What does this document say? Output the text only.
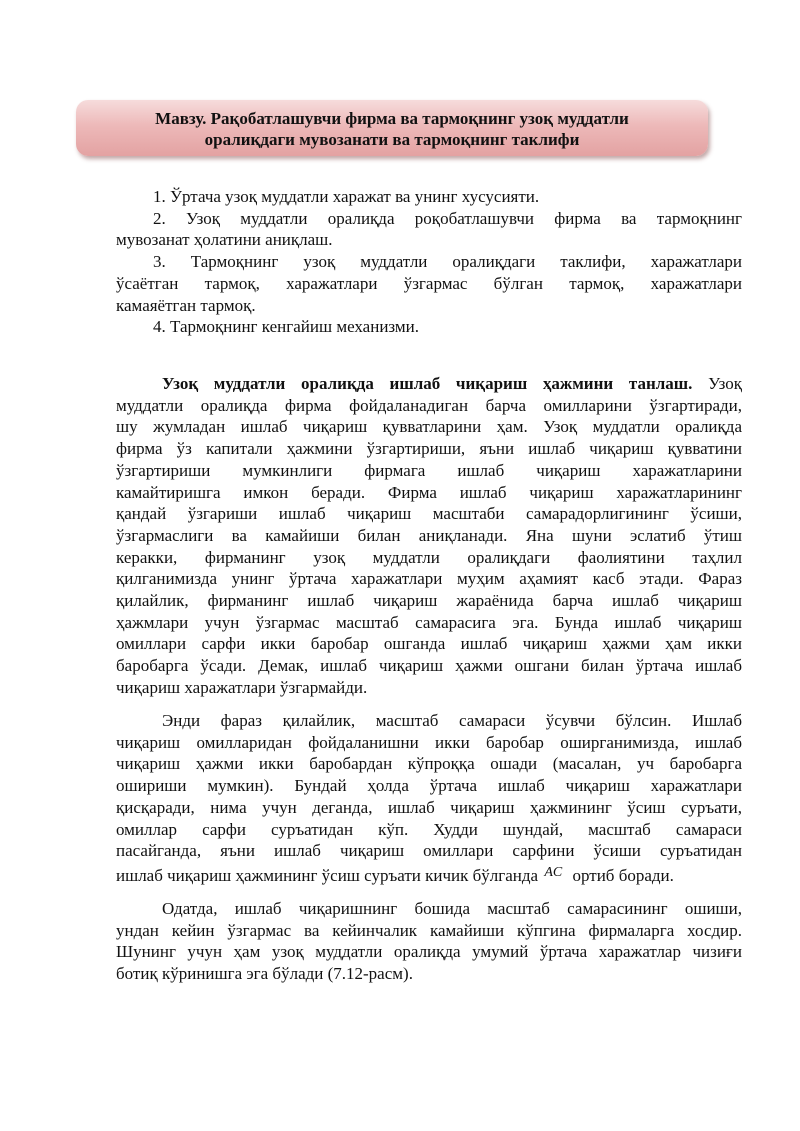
Мавзу. Рақобатлашувчи фирма ва тармоқнинг узоқ муддатли
оралиқдаги мувозанати ва тармоқнинг таклифи
1. Ўртача узоқ муддатли харажат ва унинг хусусияти.
2. Узоқ муддатли оралиқда роқобатлашувчи фирма ва тармоқнинг
мувозанат ҳолатини аниқлаш.
3. Тармоқнинг узоқ муддатли оралиқдаги таклифи, харажатлари
ўсаётган тармоқ, харажатлари ўзгармас бўлган тармоқ, харажатлари
камаяётган тармоқ.
4. Тармоқнинг кенгайиш механизми.
Узоқ муддатли оралиқда ишлаб чиқариш ҳажмини танлаш. Узоқ
муддатли оралиқда фирма фойдаланадиган барча омилларини ўзгартиради,
шу жумладан ишлаб чиқариш қувватларини ҳам. Узоқ муддатли оралиқда
фирма ўз капитали ҳажмини ўзгартириши, яъни ишлаб чиқариш қувватини
ўзгартириши мумкинлиги фирмага ишлаб чиқариш харажатларини
камайтиришга имкон беради. Фирма ишлаб чиқариш харажатларининг
қандай ўзгариши ишлаб чиқариш масштаби самарадорлигининг ўсиши,
ўзгармаслиги ва камайиши билан аниқланади. Яна шуни эслатиб ўтиш
керакки, фирманинг узоқ муддатли оралиқдаги фаолиятини таҳлил
қилганимизда унинг ўртача харажатлари муҳим аҳамият касб этади. Фараз
қилайлик, фирманинг ишлаб чиқариш жараёнида барча ишлаб чиқариш
ҳажмлари учун ўзгармас масштаб самарасига эга. Бунда ишлаб чиқариш
омиллари сарфи икки баробар ошганда ишлаб чиқариш ҳажми ҳам икки
баробарга ўсади. Демак, ишлаб чиқариш ҳажми ошгани билан ўртача ишлаб
чиқариш харажатлари ўзгармайди.
Энди фараз қилайлик, масштаб самараси ўсувчи бўлсин. Ишлаб
чиқариш омилларидан фойдаланишни икки баробар оширганимизда, ишлаб
чиқариш ҳажми икки баробардан кўпроққа ошади (масалан, уч баробарга
ошириши мумкин). Бундай ҳолда ўртача ишлаб чиқариш харажатлари
қисқаради, нима учун деганда, ишлаб чиқариш ҳажмининг ўсиш суръати,
омиллар сарфи суръатидан кўп. Худди шундай, масштаб самараси
пасайганда, яъни ишлаб чиқариш омиллари сарфини ўсиши суръатидан
ишлаб чиқариш ҳажмининг ўсиш суръати кичик бўлганда $^{AC}$ ортиб боради.
Одатда, ишлаб чиқаришнинг бошида масштаб самарасининг ошиши,
ундан кейин ўзгармас ва кейинчалик камайиши кўпгина фирмаларга хосдир.
Шунинг учун ҳам узоқ муддатли оралиқда умумий ўртача харажатлар чизиғи
ботиқ кўринишга эга бўлади (7.12-расм).
